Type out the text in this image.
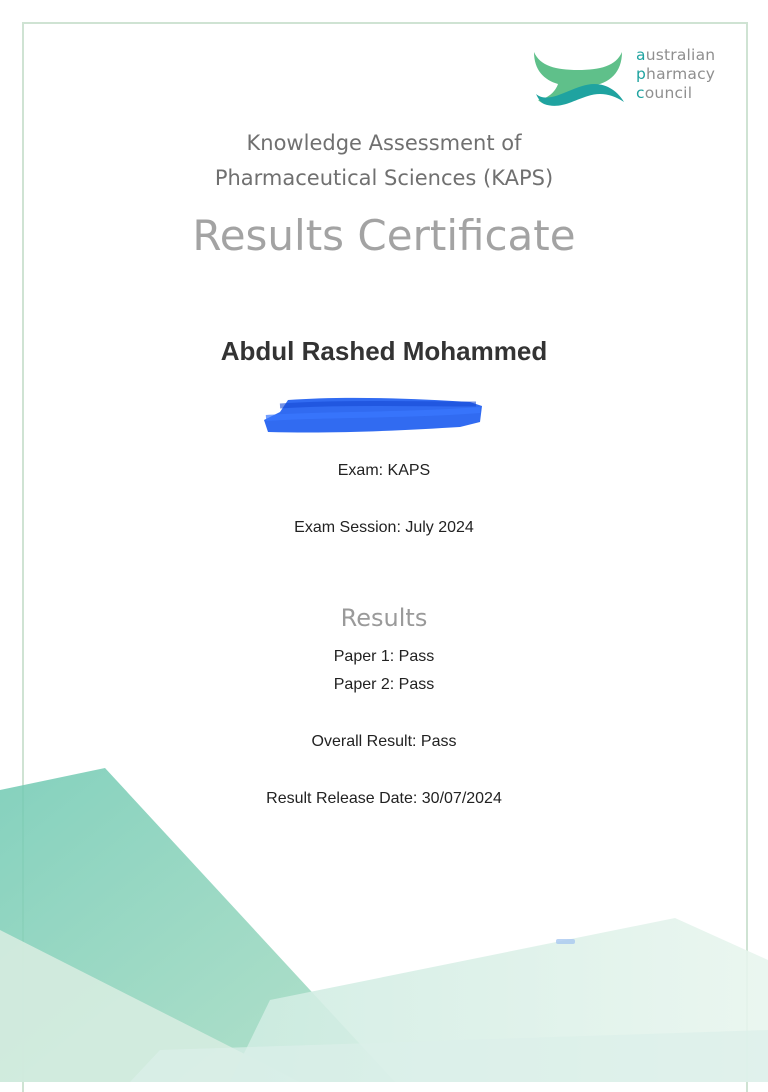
australian
pharmacy
council
Knowledge Assessment of
Pharmaceutical Sciences (KAPS)
Results Certificate
Abdul Rashed Mohammed
Exam: KAPS
Exam Session: July 2024
Results
Paper 1: Pass
Paper 2: Pass
Overall Result: Pass
Result Release Date: 30/07/2024
